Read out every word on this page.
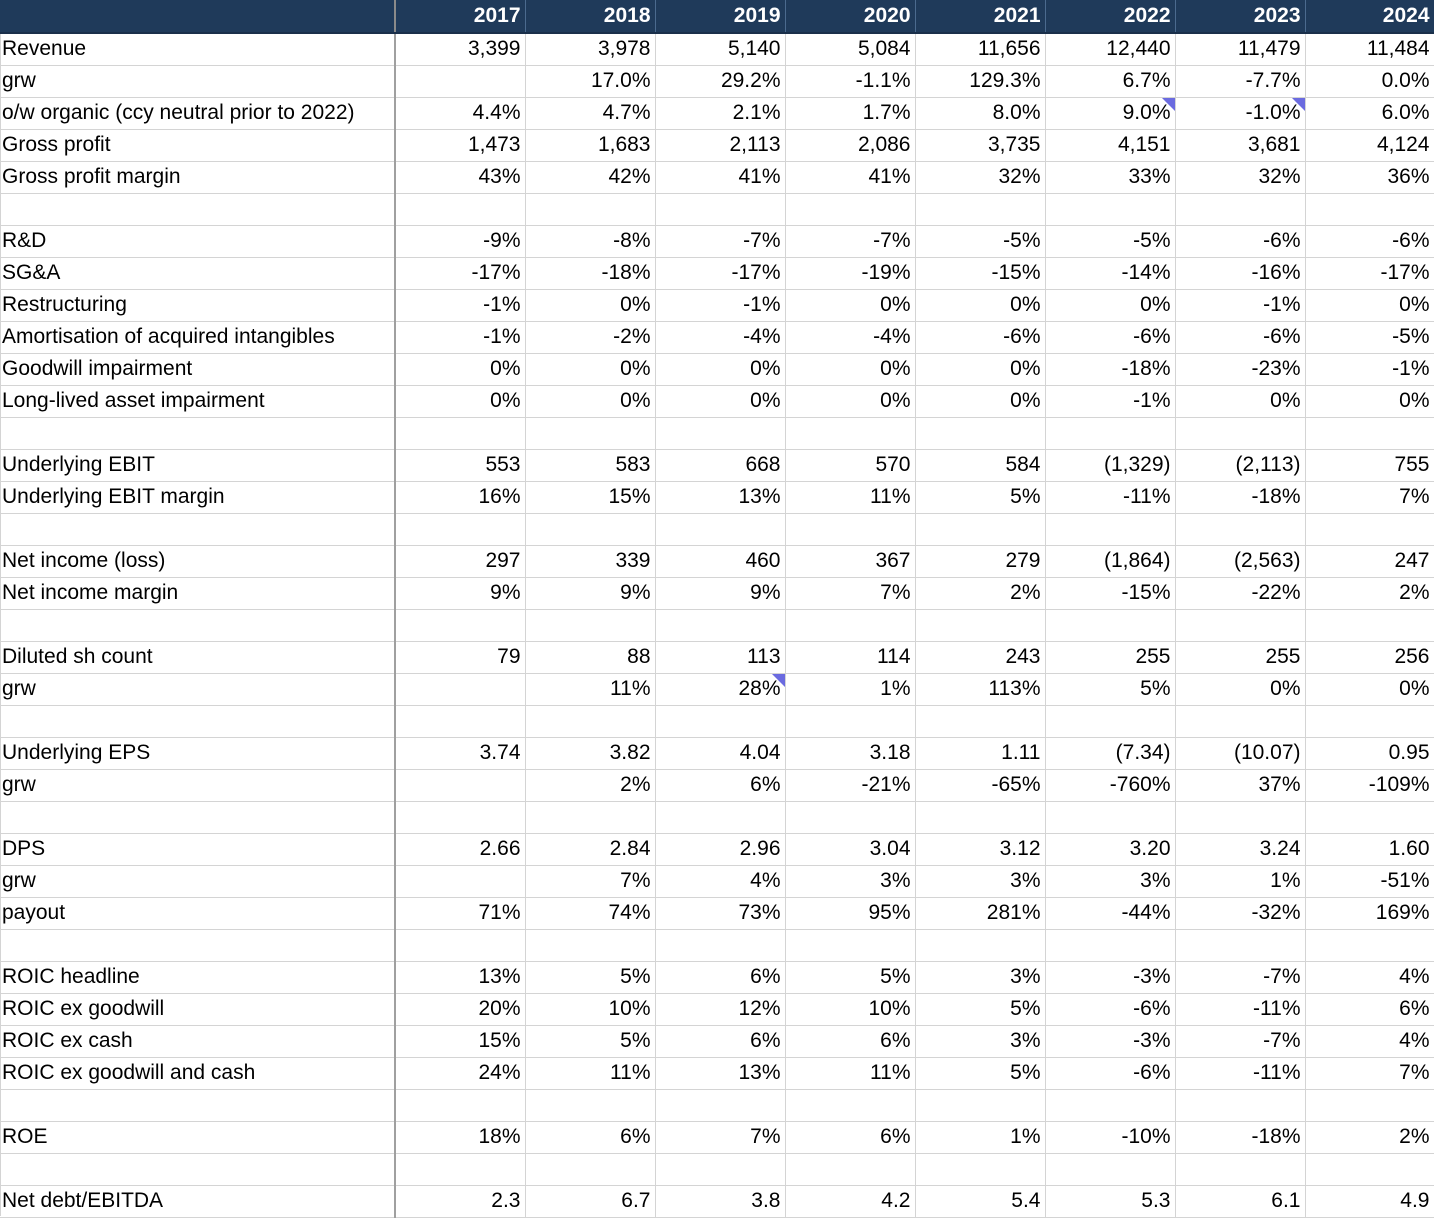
	2017	2018	2019	2020	2021	2022	2023	2024
Revenue	3,399	3,978	5,140	5,084	11,656	12,440	11,479	11,484
grw		17.0%	29.2%	-1.1%	129.3%	6.7%	-7.7%	0.0%
o/w organic (ccy neutral prior to 2022)	4.4%	4.7%	2.1%	1.7%	8.0%	9.0%	-1.0%	6.0%
Gross profit	1,473	1,683	2,113	2,086	3,735	4,151	3,681	4,124
Gross profit margin	43%	42%	41%	41%	32%	33%	32%	36%

R&D	-9%	-8%	-7%	-7%	-5%	-5%	-6%	-6%
SG&A	-17%	-18%	-17%	-19%	-15%	-14%	-16%	-17%
Restructuring	-1%	0%	-1%	0%	0%	0%	-1%	0%
Amortisation of acquired intangibles	-1%	-2%	-4%	-4%	-6%	-6%	-6%	-5%
Goodwill impairment	0%	0%	0%	0%	0%	-18%	-23%	-1%
Long-lived asset impairment	0%	0%	0%	0%	0%	-1%	0%	0%

Underlying EBIT	553	583	668	570	584	(1,329)	(2,113)	755
Underlying EBIT margin	16%	15%	13%	11%	5%	-11%	-18%	7%

Net income (loss)	297	339	460	367	279	(1,864)	(2,563)	247
Net income margin	9%	9%	9%	7%	2%	-15%	-22%	2%

Diluted sh count	79	88	113	114	243	255	255	256
grw		11%	28%	1%	113%	5%	0%	0%

Underlying EPS	3.74	3.82	4.04	3.18	1.11	(7.34)	(10.07)	0.95
grw		2%	6%	-21%	-65%	-760%	37%	-109%

DPS	2.66	2.84	2.96	3.04	3.12	3.20	3.24	1.60
grw		7%	4%	3%	3%	3%	1%	-51%
payout	71%	74%	73%	95%	281%	-44%	-32%	169%

ROIC headline	13%	5%	6%	5%	3%	-3%	-7%	4%
ROIC ex goodwill	20%	10%	12%	10%	5%	-6%	-11%	6%
ROIC ex cash	15%	5%	6%	6%	3%	-3%	-7%	4%
ROIC ex goodwill and cash	24%	11%	13%	11%	5%	-6%	-11%	7%

ROE	18%	6%	7%	6%	1%	-10%	-18%	2%

Net debt/EBITDA	2.3	6.7	3.8	4.2	5.4	5.3	6.1	4.9
